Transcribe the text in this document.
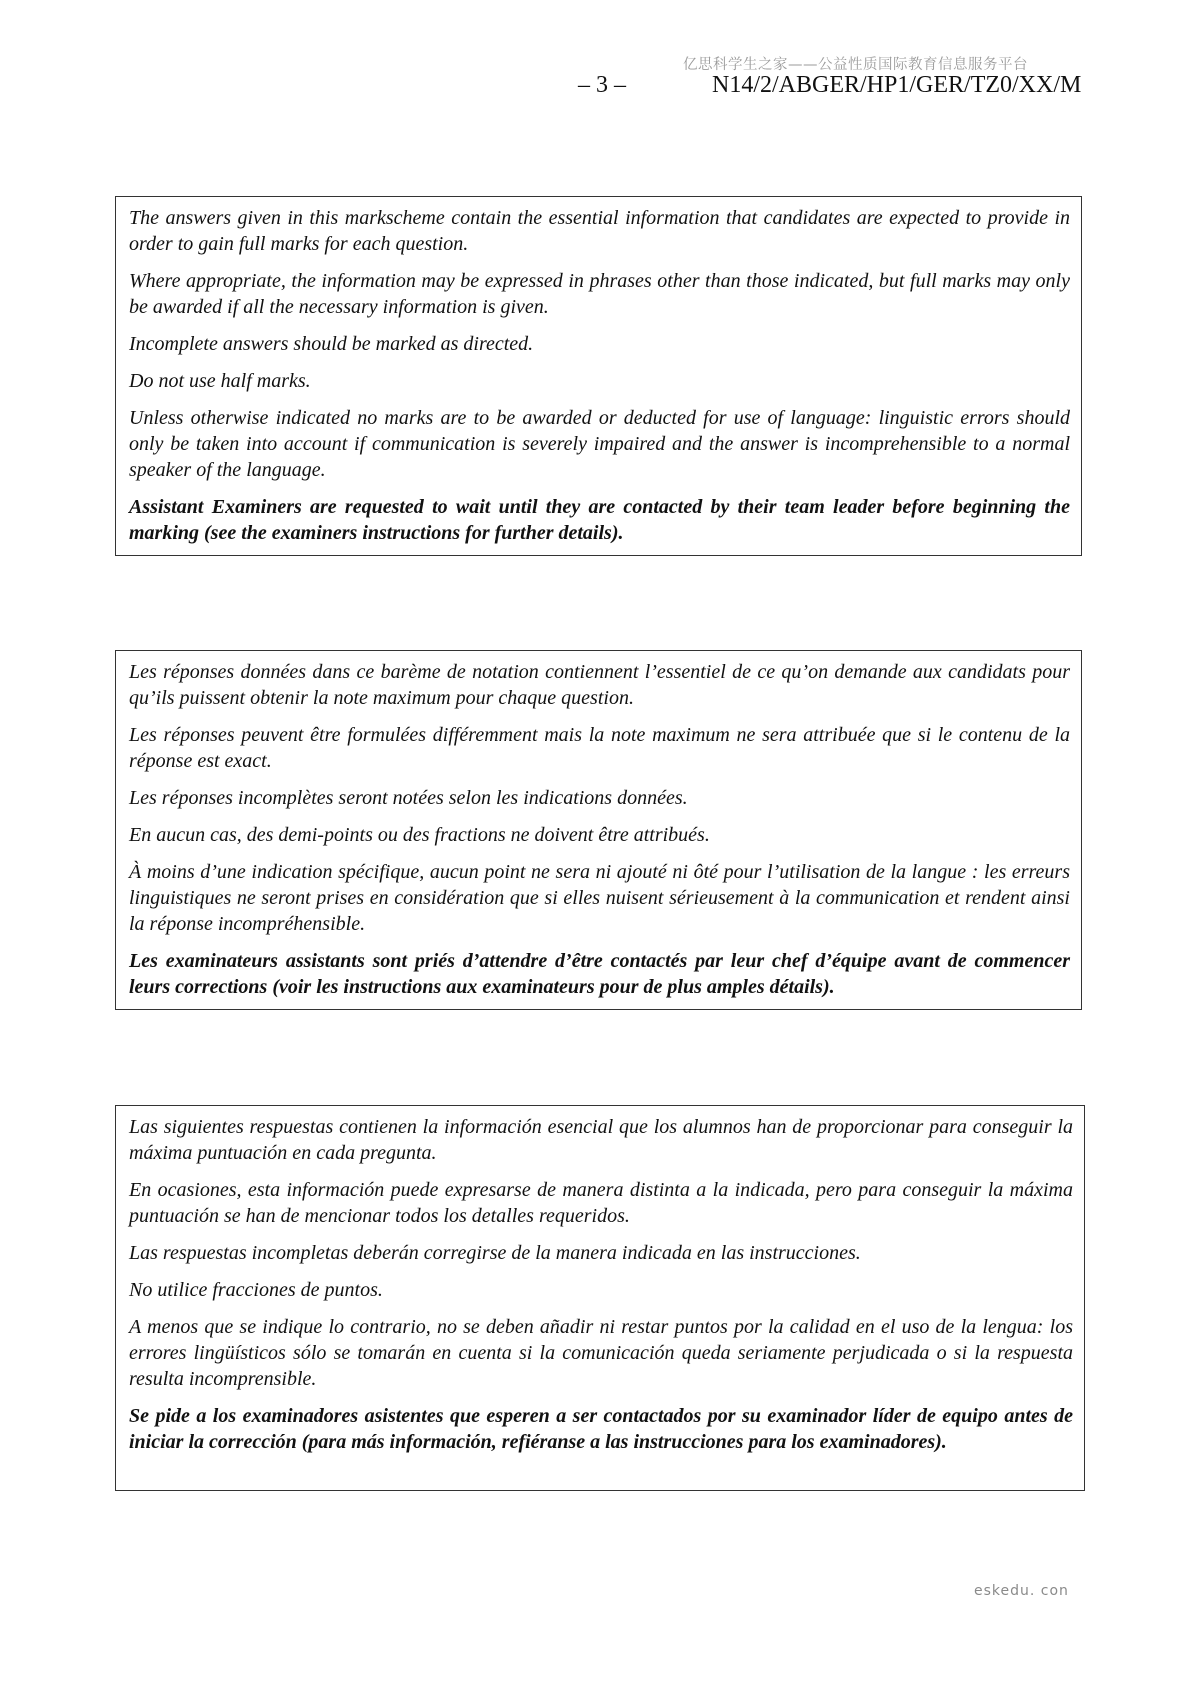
亿思科学生之家——公益性质国际教育信息服务平台
– 3 –	N14/2/ABGER/HP1/GER/TZ0/XX/M

The answers given in this markscheme contain the essential information that candidates are expected to provide in order to gain full marks for each question.

Where appropriate, the information may be expressed in phrases other than those indicated, but full marks may only be awarded if all the necessary information is given.

Incomplete answers should be marked as directed.

Do not use half marks.

Unless otherwise indicated no marks are to be awarded or deducted for use of language: linguistic errors should only be taken into account if communication is severely impaired and the answer is incomprehensible to a normal speaker of the language.

Assistant Examiners are requested to wait until they are contacted by their team leader before beginning the marking (see the examiners instructions for further details).

Les réponses données dans ce barème de notation contiennent l’essentiel de ce qu’on demande aux candidats pour qu’ils puissent obtenir la note maximum pour chaque question.

Les réponses peuvent être formulées différemment mais la note maximum ne sera attribuée que si le contenu de la réponse est exact.

Les réponses incomplètes seront notées selon les indications données.

En aucun cas, des demi-points ou des fractions ne doivent être attribués.

À moins d’une indication spécifique, aucun point ne sera ni ajouté ni ôté pour l’utilisation de la langue : les erreurs linguistiques ne seront prises en considération que si elles nuisent sérieusement à la communication et rendent ainsi la réponse incompréhensible.

Les examinateurs assistants sont priés d’attendre d’être contactés par leur chef d’équipe avant de commencer leurs corrections (voir les instructions aux examinateurs pour de plus amples détails).

Las siguientes respuestas contienen la información esencial que los alumnos han de proporcionar para conseguir la máxima puntuación en cada pregunta.

En ocasiones, esta información puede expresarse de manera distinta a la indicada, pero para conseguir la máxima puntuación se han de mencionar todos los detalles requeridos.

Las respuestas incompletas deberán corregirse de la manera indicada en las instrucciones.

No utilice fracciones de puntos.

A menos que se indique lo contrario, no se deben añadir ni restar puntos por la calidad en el uso de la lengua: los errores lingüísticos sólo se tomarán en cuenta si la comunicación queda seriamente perjudicada o si la respuesta resulta incomprensible.

Se pide a los examinadores asistentes que esperen a ser contactados por su examinador líder de equipo antes de iniciar la corrección (para más información, refiéranse a las instrucciones para los examinadores).

eskedu. con
